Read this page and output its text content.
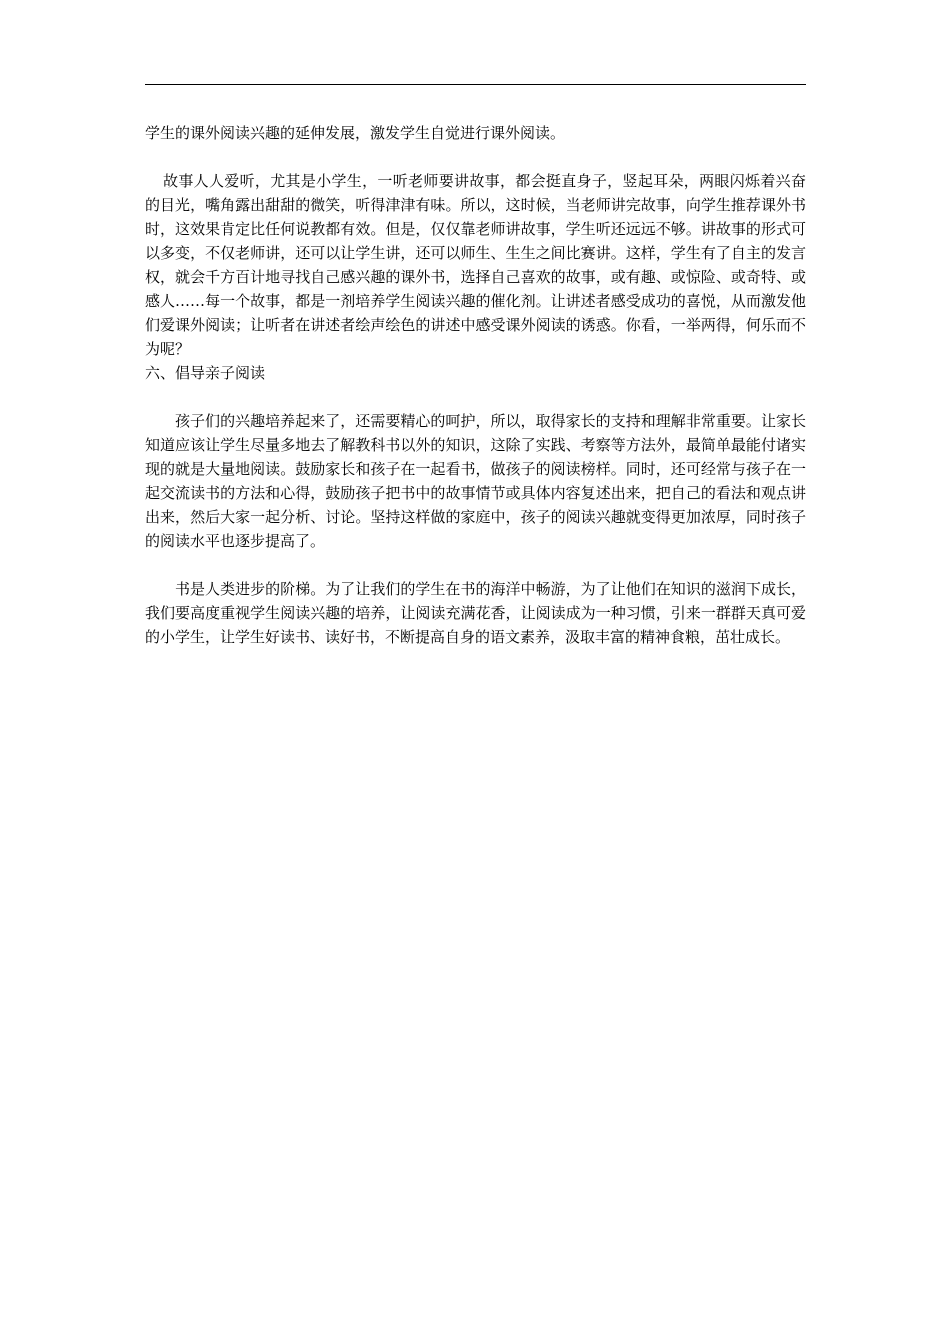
学生的课外阅读兴趣的延伸发展，激发学生自觉进行课外阅读。

故事人人爱听，尤其是小学生，一听老师要讲故事，都会挺直身子，竖起耳朵，两眼闪烁着兴奋的目光，嘴角露出甜甜的微笑，听得津津有味。所以，这时候，当老师讲完故事，向学生推荐课外书时，这效果肯定比任何说教都有效。但是，仅仅靠老师讲故事，学生听还远远不够。讲故事的形式可以多变，不仅老师讲，还可以让学生讲，还可以师生、生生之间比赛讲。这样，学生有了自主的发言权，就会千方百计地寻找自己感兴趣的课外书，选择自己喜欢的故事，或有趣、或惊险、或奇特、或感人……每一个故事，都是一剂培养学生阅读兴趣的催化剂。让讲述者感受成功的喜悦，从而激发他们爱课外阅读；让听者在讲述者绘声绘色的讲述中感受课外阅读的诱惑。你看，一举两得，何乐而不为呢？

六、倡导亲子阅读

孩子们的兴趣培养起来了，还需要精心的呵护，所以，取得家长的支持和理解非常重要。让家长知道应该让学生尽量多地去了解教科书以外的知识，这除了实践、考察等方法外，最简单最能付诸实现的就是大量地阅读。鼓励家长和孩子在一起看书，做孩子的阅读榜样。同时，还可经常与孩子在一起交流读书的方法和心得，鼓励孩子把书中的故事情节或具体内容复述出来，把自己的看法和观点讲出来，然后大家一起分析、讨论。坚持这样做的家庭中，孩子的阅读兴趣就变得更加浓厚，同时孩子的阅读水平也逐步提高了。

书是人类进步的阶梯。为了让我们的学生在书的海洋中畅游，为了让他们在知识的滋润下成长，我们要高度重视学生阅读兴趣的培养，让阅读充满花香，让阅读成为一种习惯，引来一群群天真可爱的小学生，让学生好读书、读好书，不断提高自身的语文素养，汲取丰富的精神食粮，茁壮成长。
